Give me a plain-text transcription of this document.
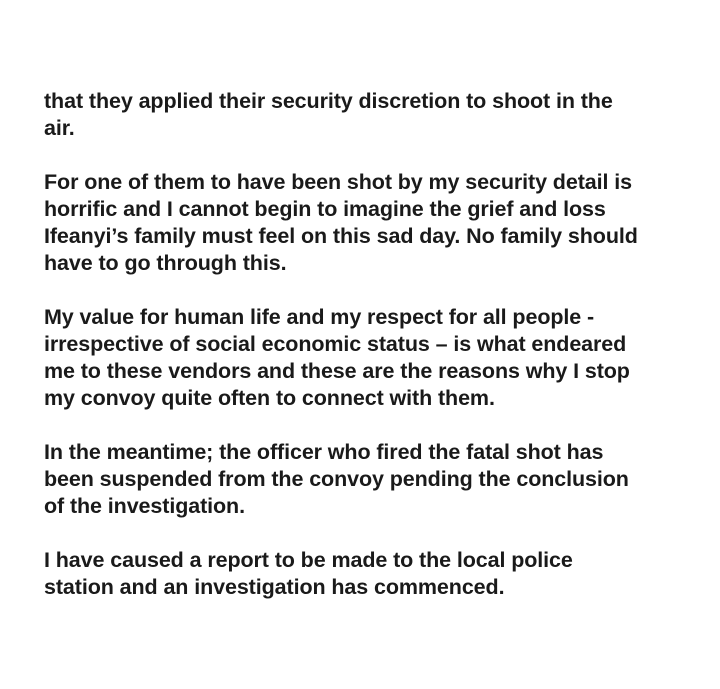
that they applied their security discretion to shoot in the
air.

For one of them to have been shot by my security detail is
horrific and I cannot begin to imagine the grief and loss
Ifeanyi’s family must feel on this sad day. No family should
have to go through this.

My value for human life and my respect for all people -
irrespective of social economic status – is what endeared
me to these vendors and these are the reasons why I stop
my convoy quite often to connect with them.

In the meantime; the officer who fired the fatal shot has
been suspended from the convoy pending the conclusion
of the investigation.

I have caused a report to be made to the local police
station and an investigation has commenced.
